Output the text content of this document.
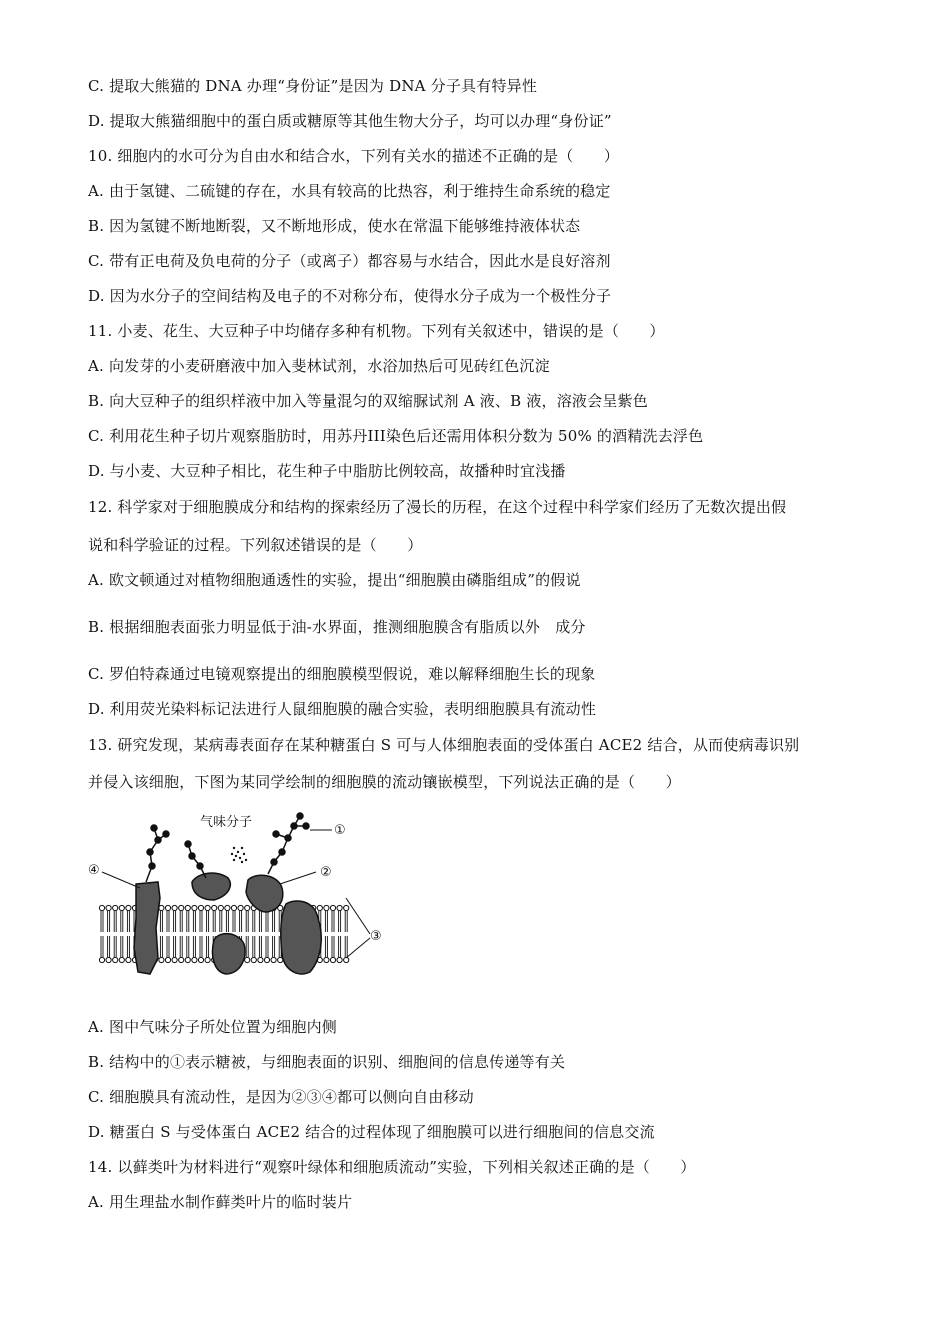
C. 提取大熊猫的 DNA 办理“身份证”是因为 DNA 分子具有特异性
D. 提取大熊猫细胞中的蛋白质或糖原等其他生物大分子，均可以办理“身份证”
10. 细胞内的水可分为自由水和结合水，下列有关水的描述不正确的是（　　）
A. 由于氢键、二硫键的存在，水具有较高的比热容，利于维持生命系统的稳定
B. 因为氢键不断地断裂，又不断地形成，使水在常温下能够维持液体状态
C. 带有正电荷及负电荷的分子（或离子）都容易与水结合，因此水是良好溶剂
D. 因为水分子的空间结构及电子的不对称分布，使得水分子成为一个极性分子
11. 小麦、花生、大豆种子中均储存多种有机物。下列有关叙述中，错误的是（　　）
A. 向发芽的小麦研磨液中加入斐林试剂，水浴加热后可见砖红色沉淀
B. 向大豆种子的组织样液中加入等量混匀的双缩脲试剂 A 液、B 液，溶液会呈紫色
C. 利用花生种子切片观察脂肪时，用苏丹III染色后还需用体积分数为 50% 的酒精洗去浮色
D. 与小麦、大豆种子相比，花生种子中脂肪比例较高，故播种时宜浅播
12. 科学家对于细胞膜成分和结构的探索经历了漫长的历程，在这个过程中科学家们经历了无数次提出假
说和科学验证的过程。下列叙述错误的是（　　）
A. 欧文顿通过对植物细胞通透性的实验，提出“细胞膜由磷脂组成”的假说
B. 根据细胞表面张力明显低于油-水界面，推测细胞膜含有脂质以外　成分
C. 罗伯特森通过电镜观察提出的细胞膜模型假说，难以解释细胞生长的现象
D. 利用荧光染料标记法进行人鼠细胞膜的融合实验，表明细胞膜具有流动性
13. 研究发现，某病毒表面存在某种糖蛋白 S 可与人体细胞表面的受体蛋白 ACE2 结合，从而使病毒识别
并侵入该细胞，下图为某同学绘制的细胞膜的流动镶嵌模型，下列说法正确的是（　　）
气味分子
①
②
④
③
A. 图中气味分子所处位置为细胞内侧
B. 结构中的①表示糖被，与细胞表面的识别、细胞间的信息传递等有关
C. 细胞膜具有流动性，是因为②③④都可以侧向自由移动
D. 糖蛋白 S 与受体蛋白 ACE2 结合的过程体现了细胞膜可以进行细胞间的信息交流
14. 以藓类叶为材料进行“观察叶绿体和细胞质流动”实验，下列相关叙述正确的是（　　）
A. 用生理盐水制作藓类叶片的临时装片
